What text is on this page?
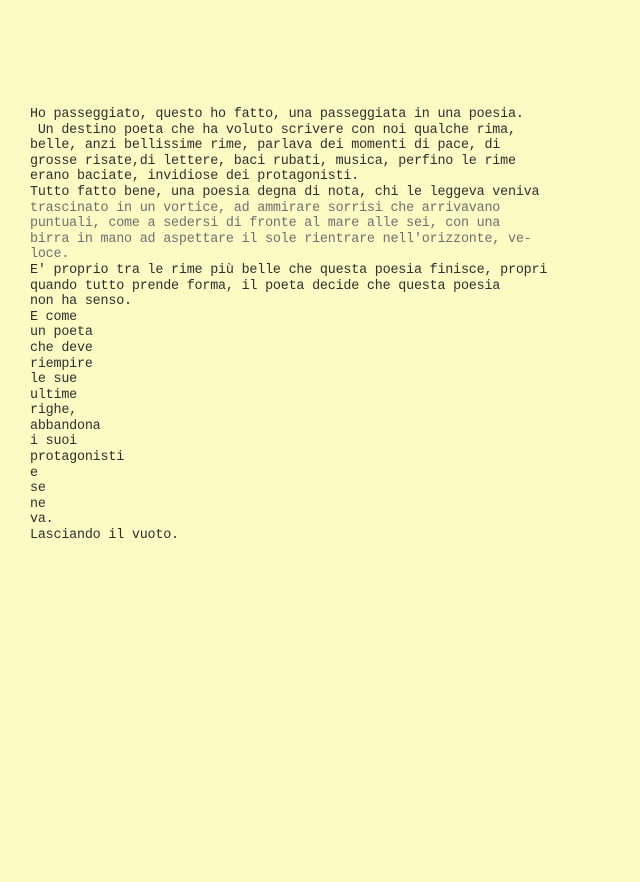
Ho passeggiato, questo ho fatto, una passeggiata in una poesia.
Un destino poeta che ha voluto scrivere con noi qualche rima,
belle, anzi bellissime rime, parlava dei momenti di pace, di
grosse risate,di lettere, baci rubati, musica, perfino le rime
erano baciate, invidiose dei protagonisti.
Tutto fatto bene, una poesia degna di nota, chi le leggeva veniva
trascinato in un vortice, ad ammirare sorrisi che arrivavano
puntuali, come a sedersi di fronte al mare alle sei, con una
birra in mano ad aspettare il sole rientrare nell'orizzonte, ve-
loce.
E' proprio tra le rime più belle che questa poesia finisce, propri
quando tutto prende forma, il poeta decide che questa poesia
non ha senso.
E come
un poeta
che deve
riempire
le sue
ultime
righe,
abbandona
i suoi
protagonisti
e
se
ne
va.
Lasciando il vuoto.
